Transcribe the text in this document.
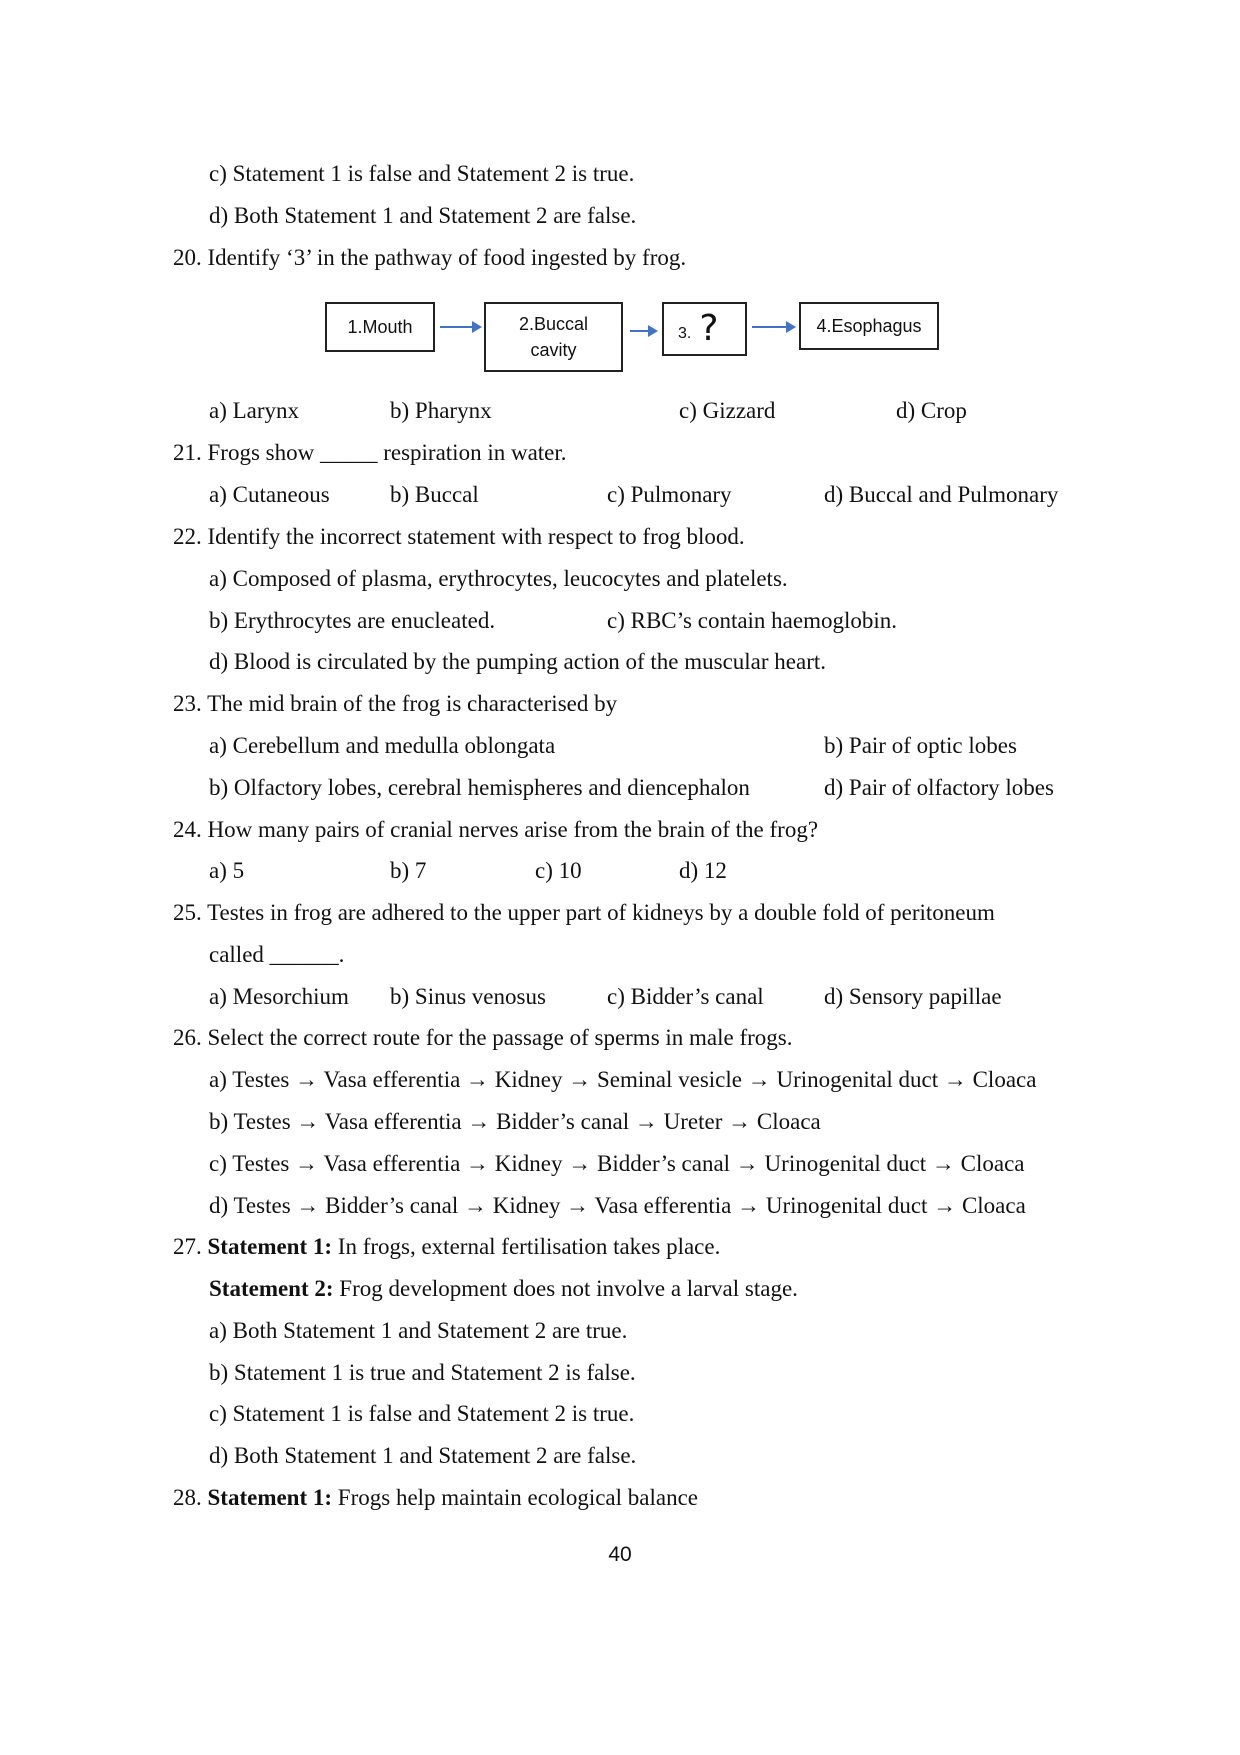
c) Statement 1 is false and Statement 2 is true.
d) Both Statement 1 and Statement 2 are false.
20. Identify ‘3’ in the pathway of food ingested by frog.
1.Mouth	2.Buccal
cavity
3. ?	4.Esophagus
a) Larynx	b) Pharynx	c) Gizzard	d) Crop
21. Frogs show _____ respiration in water.
a) Cutaneous	b) Buccal	c) Pulmonary	d) Buccal and Pulmonary
22. Identify the incorrect statement with respect to frog blood.
a) Composed of plasma, erythrocytes, leucocytes and platelets.
b) Erythrocytes are enucleated.	c) RBC’s contain haemoglobin.
d) Blood is circulated by the pumping action of the muscular heart.
23. The mid brain of the frog is characterised by
a) Cerebellum and medulla oblongata	b) Pair of optic lobes
b) Olfactory lobes, cerebral hemispheres and diencephalon	d) Pair of olfactory lobes
24. How many pairs of cranial nerves arise from the brain of the frog?
a) 5	b) 7	c) 10	d) 12
25. Testes in frog are adhered to the upper part of kidneys by a double fold of peritoneum
called ______.
a) Mesorchium b) Sinus venosus	c) Bidder’s canal	d) Sensory papillae
26. Select the correct route for the passage of sperms in male frogs.
a) Testes → Vasa efferentia → Kidney → Seminal vesicle → Urinogenital duct → Cloaca
b) Testes → Vasa efferentia → Bidder’s canal → Ureter → Cloaca
c) Testes → Vasa efferentia → Kidney → Bidder’s canal → Urinogenital duct → Cloaca
d) Testes → Bidder’s canal → Kidney → Vasa efferentia → Urinogenital duct → Cloaca
27. Statement 1: In frogs, external fertilisation takes place.
Statement 2: Frog development does not involve a larval stage.
a) Both Statement 1 and Statement 2 are true.
b) Statement 1 is true and Statement 2 is false.
c) Statement 1 is false and Statement 2 is true.
d) Both Statement 1 and Statement 2 are false.
28. Statement 1: Frogs help maintain ecological balance
40
